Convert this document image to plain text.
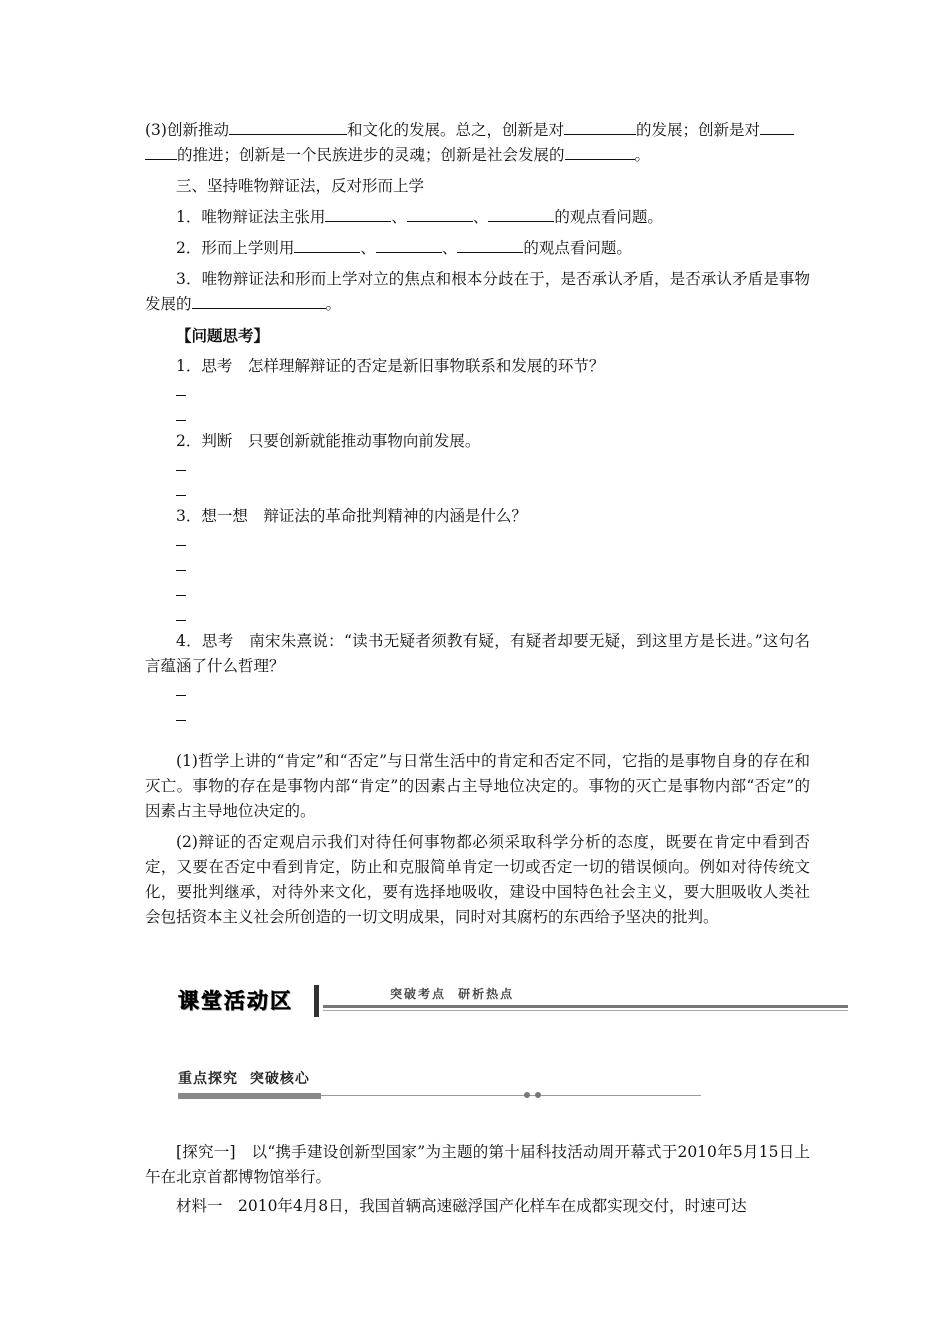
(3)创新推动	和文化的发展。总之，创新是对	的发展；创新是对
的推进；创新是一个民族进步的灵魂；创新是社会发展的	。

三、坚持唯物辩证法，反对形而上学

1．唯物辩证法主张用	、	、	的观点看问题。

2．形而上学则用	、	、	的观点看问题。

3．唯物辩证法和形而上学对立的焦点和根本分歧在于，是否承认矛盾，是否承认矛盾是事物发展的	。

【问题思考】

1．思考　怎样理解辩证的否定是新旧事物联系和发展的环节？

2．判断　只要创新就能推动事物向前发展。

3．想一想　辩证法的革命批判精神的内涵是什么？

4．思考　南宋朱熹说：“读书无疑者须教有疑，有疑者却要无疑，到这里方是长进。”这句名言蕴涵了什么哲理？

(1)哲学上讲的“肯定”和“否定”与日常生活中的肯定和否定不同，它指的是事物自身的存在和灭亡。事物的存在是事物内部“肯定”的因素占主导地位决定的。事物的灭亡是事物内部“否定”的因素占主导地位决定的。

(2)辩证的否定观启示我们对待任何事物都必须采取科学分析的态度，既要在肯定中看到否定，又要在否定中看到肯定，防止和克服简单肯定一切或否定一切的错误倾向。例如对待传统文化，要批判继承，对待外来文化，要有选择地吸收，建设中国特色社会主义，要大胆吸收人类社会包括资本主义社会所创造的一切文明成果，同时对其腐朽的东西给予坚决的批判。

课堂活动区	突破考点 研析热点
重点探究 突破核心

[探究一]　以“携手建设创新型国家”为主题的第十届科技活动周开幕式于2010年5月15日上午在北京首都博物馆举行。

材料一　2010年4月8日，我国首辆高速磁浮国产化样车在成都实现交付，时速可达
